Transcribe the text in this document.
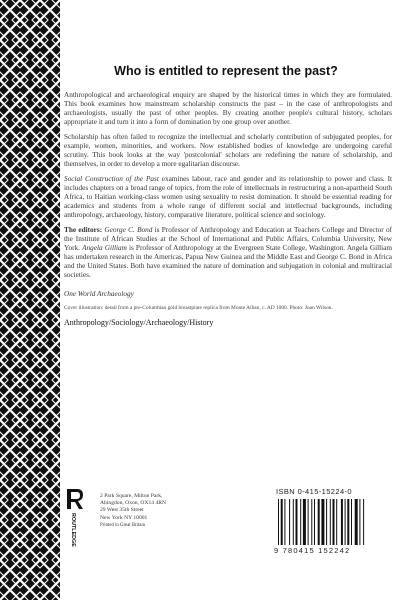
Who is entitled to represent the past?

Anthropological and archaeological enquiry are shaped by the historical times in which they are formulated. This book examines how mainstream scholarship constructs the past – in the case of anthropologists and archaeologists, usually the past of other peoples. By creating another people's cultural history, scholars appropriate it and turn it into a form of domination by one group over another.

Scholarship has often failed to recognize the intellectual and scholarly contribution of subjugated peoples, for example, women, minorities, and workers. Now established bodies of knowledge are undergoing careful scrutiny. This book looks at the way 'postcolonial' scholars are redefining the nature of scholarship, and themselves, in order to develop a more egalitarian discourse.

Social Construction of the Past examines labour, race and gender and its relationship to power and class. It includes chapters on a broad range of topics, from the role of intellectuals in restructuring a non-apartheid South Africa, to Haitian working-class women using sexuality to resist domination. It should be essential reading for academics and students from a whole range of different social and intellectual backgrounds, including anthropology, archaeology, history, comparative literature, political science and sociology.

The editors: George C. Bond is Professor of Anthropology and Education at Teachers College and Director of the Institute of African Studies at the School of International and Public Affairs, Columbia University, New York. Angela Gilliam is Professor of Anthropology at the Evergreen State College, Washington. Angela Gilliam has undertaken research in the Americas, Papua New Guinea and the Middle East and George C. Bond in Africa and the United States. Both have examined the nature of domination and subjugation in colonial and multiracial societies.

One World Archaeology

Cover illustration: detail from a pre-Columbian gold breastplate replica from Monte Alban, c. AD 1000. Photo: Joan Wilson.

Anthropology/Sociology/Archaeology/History

ROUTLEDGE
2 Park Square, Milton Park,
Abingdon, Oxon, OX14 4RN
29 West 35th Street
New York NY 10001
Printed in Great Britain
ISBN 0-415-15224-0
9 780415 152242
